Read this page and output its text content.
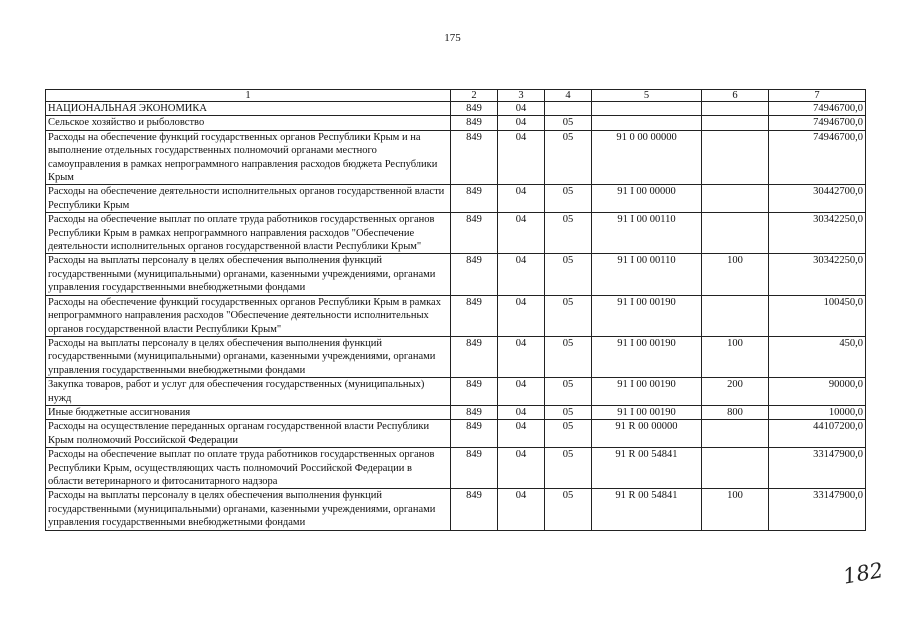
175
1	2	3	4	5	6	7
НАЦИОНАЛЬНАЯ ЭКОНОМИКА	849	04				74946700,0
Сельское хозяйство и рыболовство	849	04	05			74946700,0
Расходы на обеспечение функций государственных органов Республики Крым и на выполнение отдельных государственных полномочий органами местного самоуправления в рамках непрограммного направления расходов бюджета Республики Крым	849	04	05	91 0 00 00000		74946700,0
Расходы на обеспечение деятельности исполнительных органов государственной власти Республики Крым	849	04	05	91 I 00 00000		30442700,0
Расходы на обеспечение выплат по оплате труда работников государственных органов Республики Крым в рамках непрограммного направления расходов "Обеспечение деятельности исполнительных органов государственной власти Республики Крым"	849	04	05	91 I 00 00110		30342250,0
Расходы на выплаты персоналу в целях обеспечения выполнения функций государственными (муниципальными) органами, казенными учреждениями, органами управления государственными внебюджетными фондами	849	04	05	91 I 00 00110	100	30342250,0
Расходы на обеспечение функций государственных органов Республики Крым в рамках непрограммного направления расходов "Обеспечение деятельности исполнительных органов государственной власти Республики Крым"	849	04	05	91 I 00 00190		100450,0
Расходы на выплаты персоналу в целях обеспечения выполнения функций государственными (муниципальными) органами, казенными учреждениями, органами управления государственными внебюджетными фондами	849	04	05	91 I 00 00190	100	450,0
Закупка товаров, работ и услуг для обеспечения государственных (муниципальных) нужд	849	04	05	91 I 00 00190	200	90000,0
Иные бюджетные ассигнования	849	04	05	91 I 00 00190	800	10000,0
Расходы на осуществление переданных органам государственной власти Республики Крым полномочий Российской Федерации	849	04	05	91 R 00 00000		44107200,0
Расходы на обеспечение выплат по оплате труда работников государственных органов Республики Крым, осуществляющих часть полномочий Российской Федерации в области ветеринарного и фитосанитарного надзора	849	04	05	91 R 00 54841		33147900,0
Расходы на выплаты персоналу в целях обеспечения выполнения функций государственными (муниципальными) органами, казенными учреждениями, органами управления государственными внебюджетными фондами	849	04	05	91 R 00 54841	100	33147900,0
182
